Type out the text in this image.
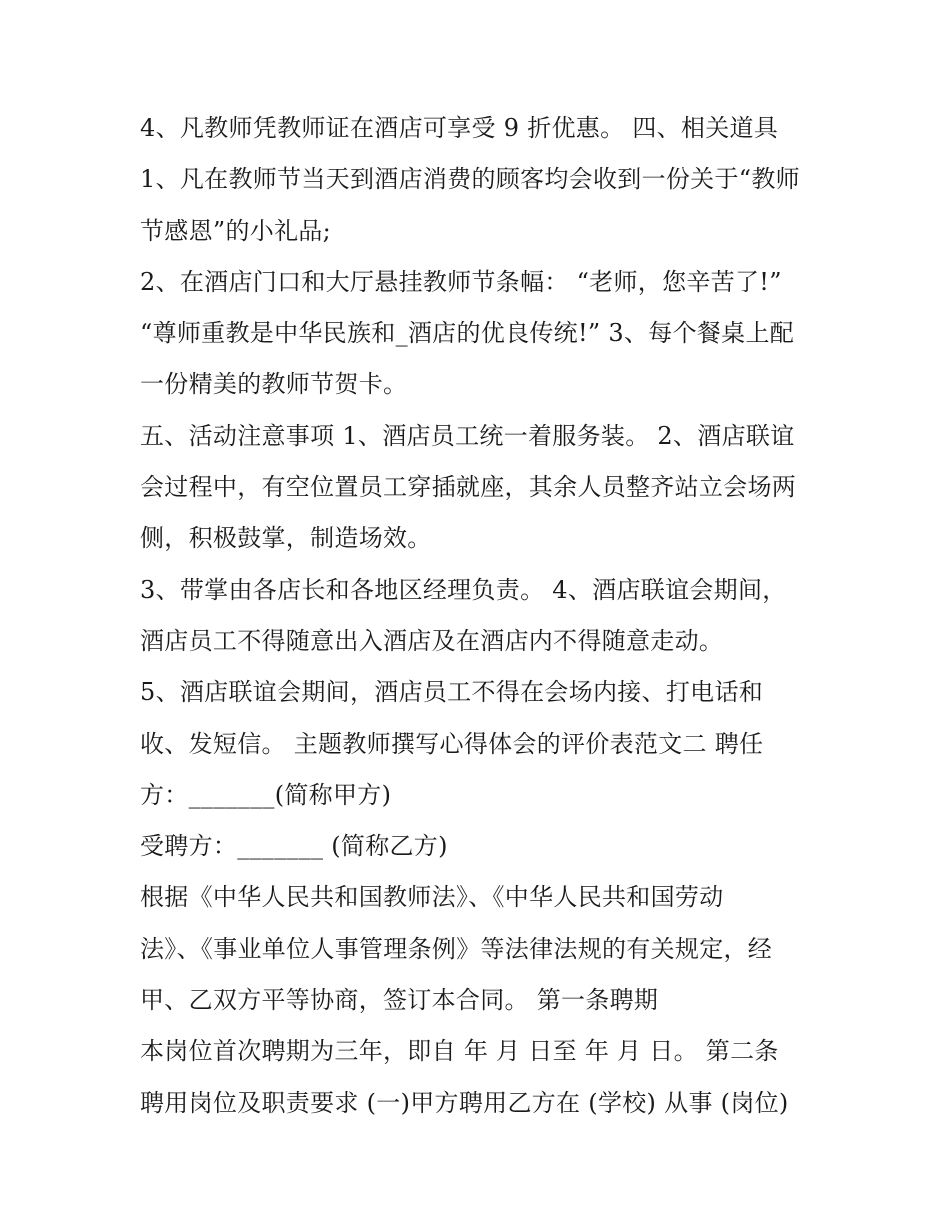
4、凡教师凭教师证在酒店可享受 9 折优惠。 四、相关道具
1、凡在教师节当天到酒店消费的顾客均会收到一份关于“教师
节感恩”的小礼品;
2、在酒店门口和大厅悬挂教师节条幅： “老师，您辛苦了!”
“尊师重教是中华民族和_酒店的优良传统!” 3、每个餐桌上配
一份精美的教师节贺卡。
五、活动注意事项 1、酒店员工统一着服务装。 2、酒店联谊
会过程中，有空位置员工穿插就座，其余人员整齐站立会场两
侧，积极鼓掌，制造场效。
3、带掌由各店长和各地区经理负责。 4、酒店联谊会期间，
酒店员工不得随意出入酒店及在酒店内不得随意走动。
5、酒店联谊会期间，酒店员工不得在会场内接、打电话和
收、发短信。 主题教师撰写心得体会的评价表范文二 聘任
方：_______(简称甲方)
受聘方：_______ (简称乙方)
根据《中华人民共和国教师法》、《中华人民共和国劳动
法》、《事业单位人事管理条例》等法律法规的有关规定，经
甲、乙双方平等协商，签订本合同。 第一条聘期
本岗位首次聘期为三年，即自 年 月 日至 年 月 日。 第二条
聘用岗位及职责要求 (一)甲方聘用乙方在 (学校) 从事 (岗位)
